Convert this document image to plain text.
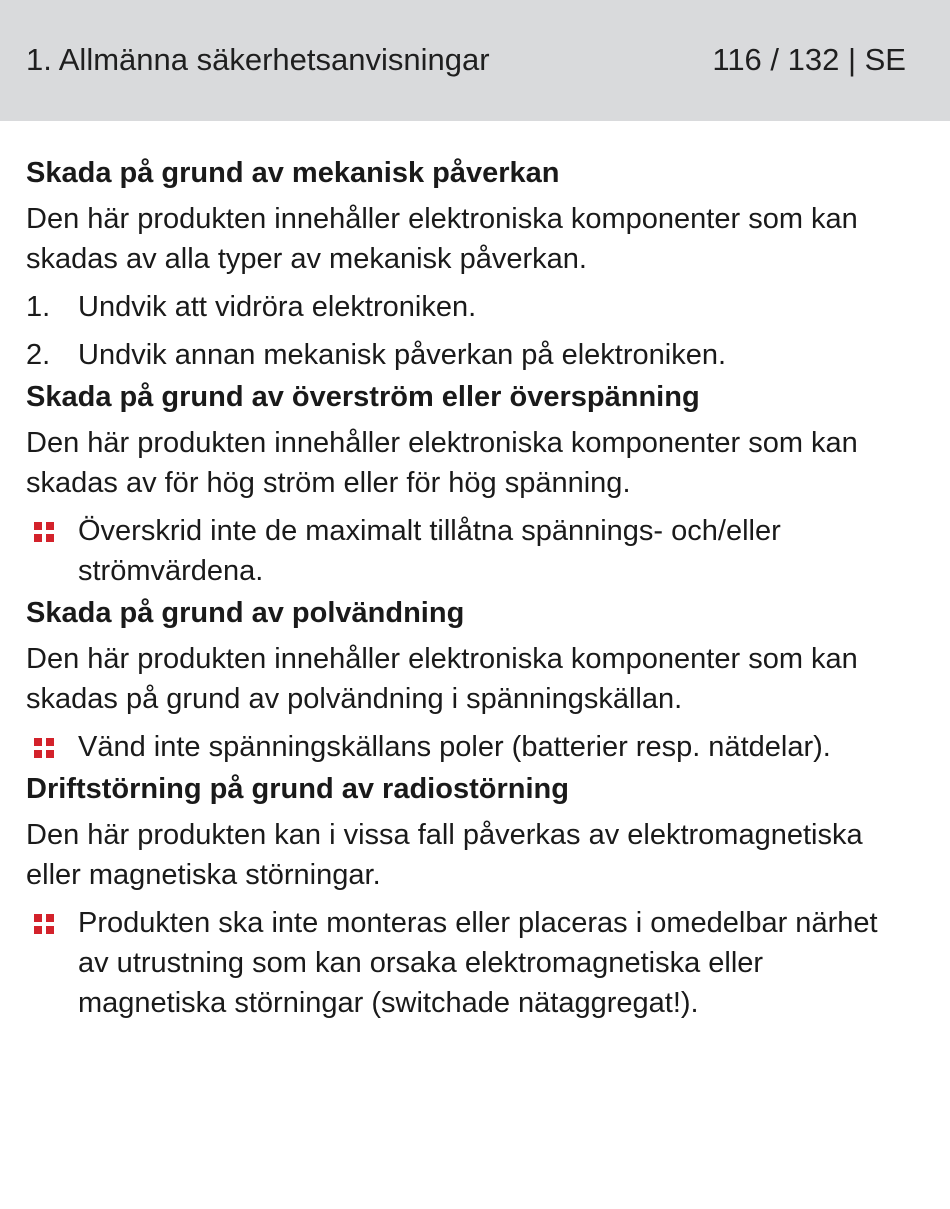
1. Allmänna säkerhetsanvisningar	116 / 132 | SE
Skada på grund av mekanisk påverkan
Den här produkten innehåller elektroniska komponenter som kan skadas av alla typer av mekanisk påverkan.
1. Undvik att vidröra elektroniken.
2. Undvik annan mekanisk påverkan på elektroniken.
Skada på grund av överström eller överspänning
Den här produkten innehåller elektroniska komponenter som kan skadas av för hög ström eller för hög spänning.
Överskrid inte de maximalt tillåtna spännings- och/eller strömvärdena.
Skada på grund av polvändning
Den här produkten innehåller elektroniska komponenter som kan skadas på grund av polvändning i spänningskällan.
Vänd inte spänningskällans poler (batterier resp. nätdelar).
Driftstörning på grund av radiostörning
Den här produkten kan i vissa fall påverkas av elektromagnetiska eller magnetiska störningar.
Produkten ska inte monteras eller placeras i omedelbar närhet av utrustning som kan orsaka elektromagnetiska eller magnetiska störningar (switchade nätaggregat!).
